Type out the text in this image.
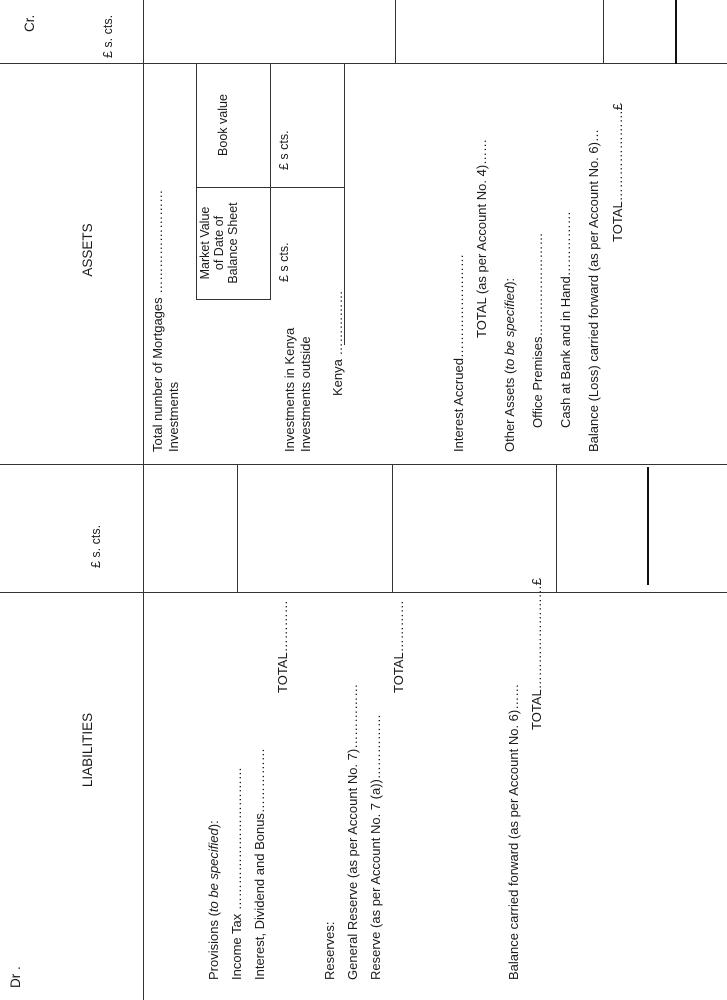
Dr .
LIABILITIES
£ s. cts.
ASSETS
£ s. cts.
Cr.
Provisions (to be specified): Income Tax …………………………… Interest, Dividend and Bonus……………
TOTAL…………
Reserves: General Reserve (as per Account No. 7)…………… Reserve (as per Account No. 7 (a))……………
TOTAL…………
Balance carried forward (as per Account No. 6)……
TOTAL……………………£
Total number of Mortgages …………………… Investments
Market Value of Date of Balance Sheet
Book value
£ s cts.
£ s cts.
Investments in Kenya Investments outside Kenya ……………	Interest Accrued……………………
TOTAL (as per Account No. 4)……
Other Assets (to be specified): Office Premises…………………… Cash at Bank and in Hand…………… Balance (Loss) carried forward (as per Account No. 6)… TOTAL…………………£
